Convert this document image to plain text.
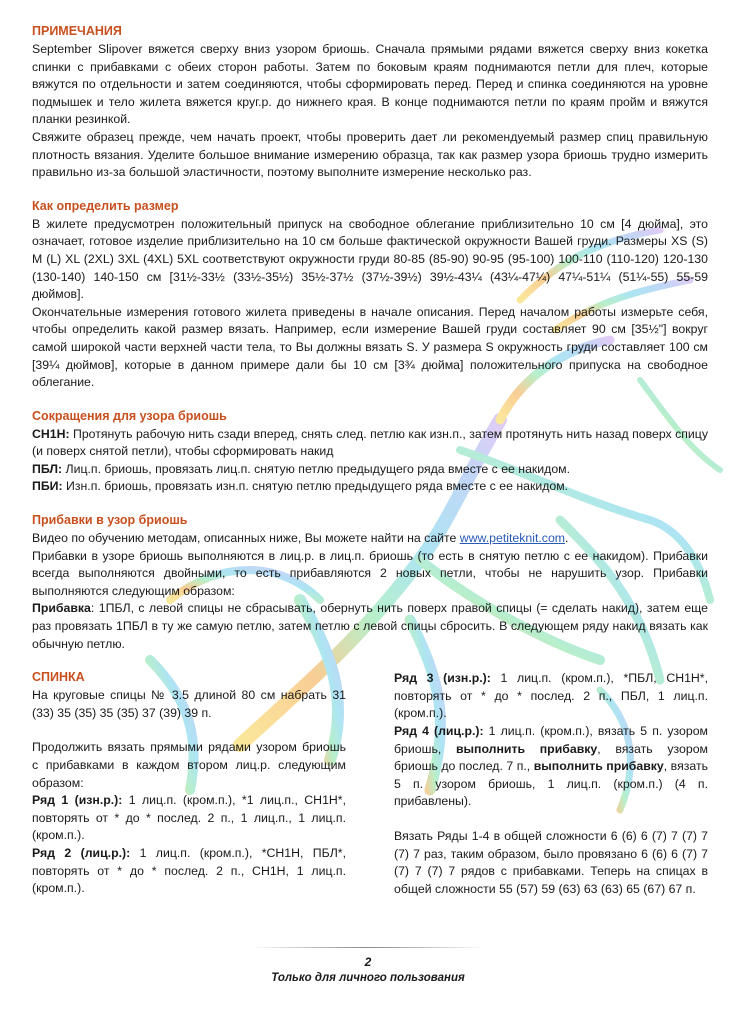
ПРИМЕЧАНИЯ

September Slipover вяжется сверху вниз узором бриошь. Сначала прямыми рядами вяжется сверху вниз кокетка спинки с прибавками с обеих сторон работы. Затем по боковым краям поднимаются петли для плеч, которые вяжутся по отдельности и затем соединяются, чтобы сформировать перед. Перед и спинка соединяются на уровне подмышек и тело жилета вяжется круг.р. до нижнего края. В конце поднимаются петли по краям пройм и вяжутся планки резинкой.

Свяжите образец прежде, чем начать проект, чтобы проверить дает ли рекомендуемый размер спиц правильную плотность вязания. Уделите большое внимание измерению образца, так как размер узора бриошь трудно измерить правильно из-за большой эластичности, поэтому выполните измерение несколько раз.

Как определить размер

В жилете предусмотрен положительный припуск на свободное облегание приблизительно 10 см [4 дюйма], это означает, готовое изделие приблизительно на 10 см больше фактической окружности Вашей груди. Размеры XS (S) M (L) XL (2XL) 3XL (4XL) 5XL соответствуют окружности груди 80-85 (85-90) 90-95 (95-100) 100-110 (110-120) 120-130 (130-140) 140-150 см [31½-33½ (33½-35½) 35½-37½ (37½-39½) 39½-43¼ (43¼-47¼) 47¼-51¼ (51¼-55) 55-59 дюймов].

Окончательные измерения готового жилета приведены в начале описания. Перед началом работы измерьте себя, чтобы определить какой размер вязать. Например, если измерение Вашей груди составляет 90 см [35½"] вокруг самой широкой части верхней части тела, то Вы должны вязать S. У размера S окружность груди составляет 100 см [39¼ дюймов], которые в данном примере дали бы 10 см [3¾ дюйма] положительного припуска на свободное облегание.

Сокращения для узора бриошь

СН1Н: Протянуть рабочую нить сзади вперед, снять след. петлю как изн.п., затем протянуть нить назад поверх спицу (и поверх снятой петли), чтобы сформировать накид

ПБЛ: Лиц.п. бриошь, провязать лиц.п. снятую петлю предыдущего ряда вместе с ее накидом.

ПБИ: Изн.п. бриошь, провязать изн.п. снятую петлю предыдущего ряда вместе с ее накидом.

Прибавки в узор бриошь

Видео по обучению методам, описанных ниже, Вы можете найти на сайте www.petiteknit.com.

Прибавки в узоре бриошь выполняются в лиц.р. в лиц.п. бриошь (то есть в снятую петлю с ее накидом). Прибавки всегда выполняются двойными, то есть прибавляются 2 новых петли, чтобы не нарушить узор. Прибавки выполняются следующим образом:

Прибавка: 1ПБЛ, с левой спицы не сбрасывать, обернуть нить поверх правой спицы (= сделать накид), затем еще раз провязать 1ПБЛ в ту же самую петлю, затем петлю с левой спицы сбросить. В следующем ряду накид вязать как обычную петлю.

СПИНКА

На круговые спицы № 3.5 длиной 80 см набрать 31 (33) 35 (35) 35 (35) 37 (39) 39 п.

Продолжить вязать прямыми рядами узором бриошь с прибавками в каждом втором лиц.р. следующим образом:

Ряд 1 (изн.р.): 1 лиц.п. (кром.п.), *1 лиц.п., СН1Н*, повторять от * до * послед. 2 п., 1 лиц.п., 1 лиц.п. (кром.п.).

Ряд 2 (лиц.р.): 1 лиц.п. (кром.п.), *СН1Н, ПБЛ*, повторять от * до * послед. 2 п., СН1Н, 1 лиц.п. (кром.п.).

Ряд 3 (изн.р.): 1 лиц.п. (кром.п.), *ПБЛ, СН1Н*, повторять от * до * послед. 2 п., ПБЛ, 1 лиц.п. (кром.п.).

Ряд 4 (лиц.р.): 1 лиц.п. (кром.п.), вязать 5 п. узором бриошь, выполнить прибавку, вязать узором бриошь до послед. 7 п., выполнить прибавку, вязать 5 п. узором бриошь, 1 лиц.п. (кром.п.) (4 п. прибавлены).

Вязать Ряды 1-4 в общей сложности 6 (6) 6 (7) 7 (7) 7 (7) 7 раз, таким образом, было провязано 6 (6) 6 (7) 7 (7) 7 (7) 7 рядов с прибавками. Теперь на спицах в общей сложности 55 (57) 59 (63) 63 (63) 65 (67) 67 п.

2
Только для личного пользования
